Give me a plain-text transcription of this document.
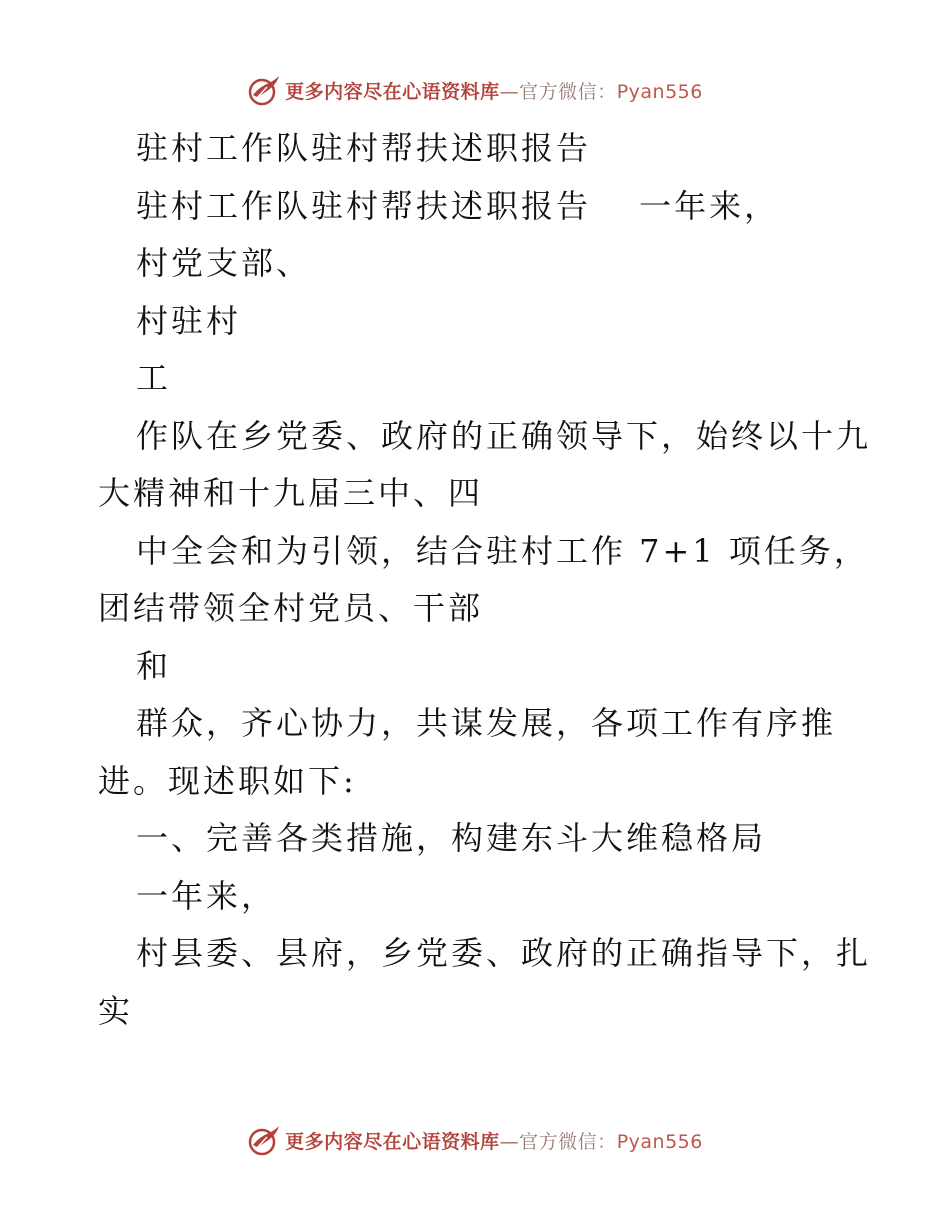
更多内容尽在心语资料库—官方微信：Pyan556
驻村工作队驻村帮扶述职报告
驻村工作队驻村帮扶述职报告　 一年来，
村党支部、
村驻村
工
作队在乡党委、政府的正确领导下，始终以十九
大精神和十九届三中、四
中全会和为引领，结合驻村工作 7+1 项任务，
团结带领全村党员、干部
和
群众，齐心协力，共谋发展，各项工作有序推
进。现述职如下:
一、完善各类措施，构建东斗大维稳格局
一年来，
村县委、县府，乡党委、政府的正确指导下，扎
实
更多内容尽在心语资料库—官方微信：Pyan556
